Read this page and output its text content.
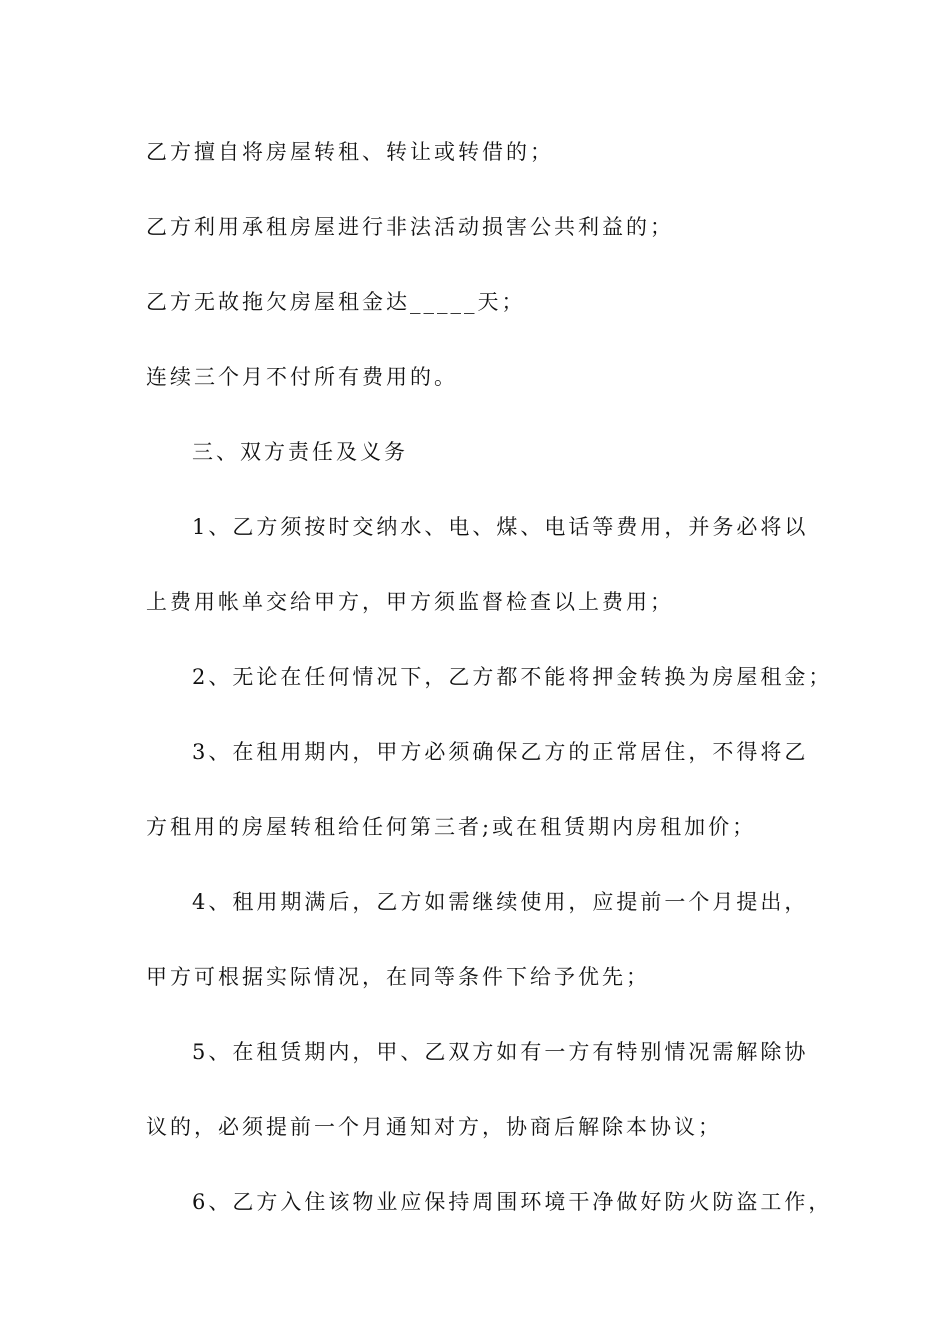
乙方擅自将房屋转租、转让或转借的；
乙方利用承租房屋进行非法活动损害公共利益的；
乙方无故拖欠房屋租金达_____天；
连续三个月不付所有费用的。
三、双方责任及义务
1、乙方须按时交纳水、电、煤、电话等费用，并务必将以
上费用帐单交给甲方，甲方须监督检查以上费用；
2、无论在任何情况下，乙方都不能将押金转换为房屋租金；
3、在租用期内，甲方必须确保乙方的正常居住，不得将乙
方租用的房屋转租给任何第三者;或在租赁期内房租加价；
4、租用期满后，乙方如需继续使用，应提前一个月提出，
甲方可根据实际情况，在同等条件下给予优先；
5、在租赁期内，甲、乙双方如有一方有特别情况需解除协
议的，必须提前一个月通知对方，协商后解除本协议；
6、乙方入住该物业应保持周围环境干净做好防火防盗工作，
